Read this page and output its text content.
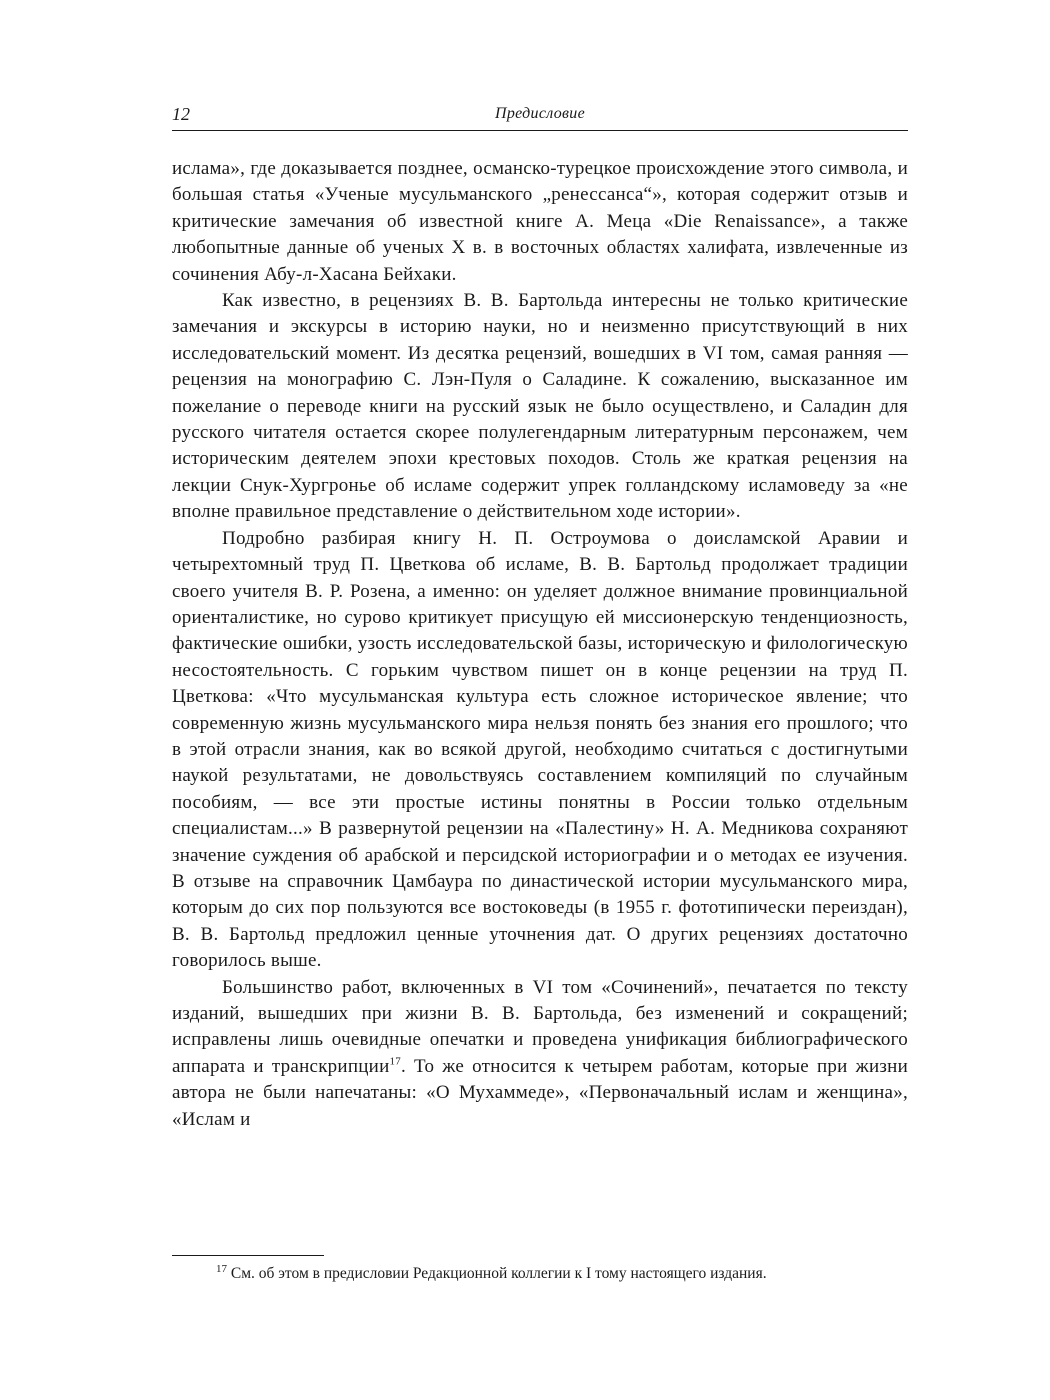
12	Предисловие

ислама», где доказывается позднее, османско-турецкое происхождение этого символа, и большая статья «Ученые мусульманского „ренессанса“», которая содержит отзыв и критические замечания об известной книге А. Меца «Die Renaissance», а также любопытные данные об ученых X в. в восточных областях халифата, извлеченные из сочинения Абу-л-Хасана Бейхаки.

Как известно, в рецензиях В. В. Бартольда интересны не только критические замечания и экскурсы в историю науки, но и неизменно присутствующий в них исследовательский момент. Из десятка рецензий, вошедших в VI том, самая ранняя — рецензия на монографию С. Лэн-Пуля о Саладине. К сожалению, высказанное им пожелание о переводе книги на русский язык не было осуществлено, и Саладин для русского читателя остается скорее полулегендарным литературным персонажем, чем историческим деятелем эпохи крестовых походов. Столь же краткая рецензия на лекции Снук-Хургронье об исламе содержит упрек голландскому исламоведу за «не вполне правильное представление о действительном ходе истории».

Подробно разбирая книгу Н. П. Остроумова о доисламской Аравии и четырехтомный труд П. Цветкова об исламе, В. В. Бартольд продолжает традиции своего учителя В. Р. Розена, а именно: он уделяет должное внимание провинциальной ориенталистике, но сурово критикует присущую ей миссионерскую тенденциозность, фактические ошибки, узость исследовательской базы, историческую и филологическую несостоятельность. С горьким чувством пишет он в конце рецензии на труд П. Цветкова: «Что мусульманская культура есть сложное историческое явление; что современную жизнь мусульманского мира нельзя понять без знания его прошлого; что в этой отрасли знания, как во всякой другой, необходимо считаться с достигнутыми наукой результатами, не довольствуясь составлением компиляций по случайным пособиям, — все эти простые истины понятны в России только отдельным специалистам...» В развернутой рецензии на «Палестину» Н. А. Медникова сохраняют значение суждения об арабской и персидской историографии и о методах ее изучения. В отзыве на справочник Цамбаура по династической истории мусульманского мира, которым до сих пор пользуются все востоковеды (в 1955 г. фототипически переиздан), В. В. Бартольд предложил ценные уточнения дат. О других рецензиях достаточно говорилось выше.

Большинство работ, включенных в VI том «Сочинений», печатается по тексту изданий, вышедших при жизни В. В. Бартольда, без изменений и сокращений; исправлены лишь очевидные опечатки и проведена унификация библиографического аппарата и транскрипции$^{17}$. То же относится к четырем работам, которые при жизни автора не были напечатаны: «О Мухаммеде», «Первоначальный ислам и женщина», «Ислам и

$^{17}$ См. об этом в предисловии Редакционной коллегии к I тому настоящего издания.
